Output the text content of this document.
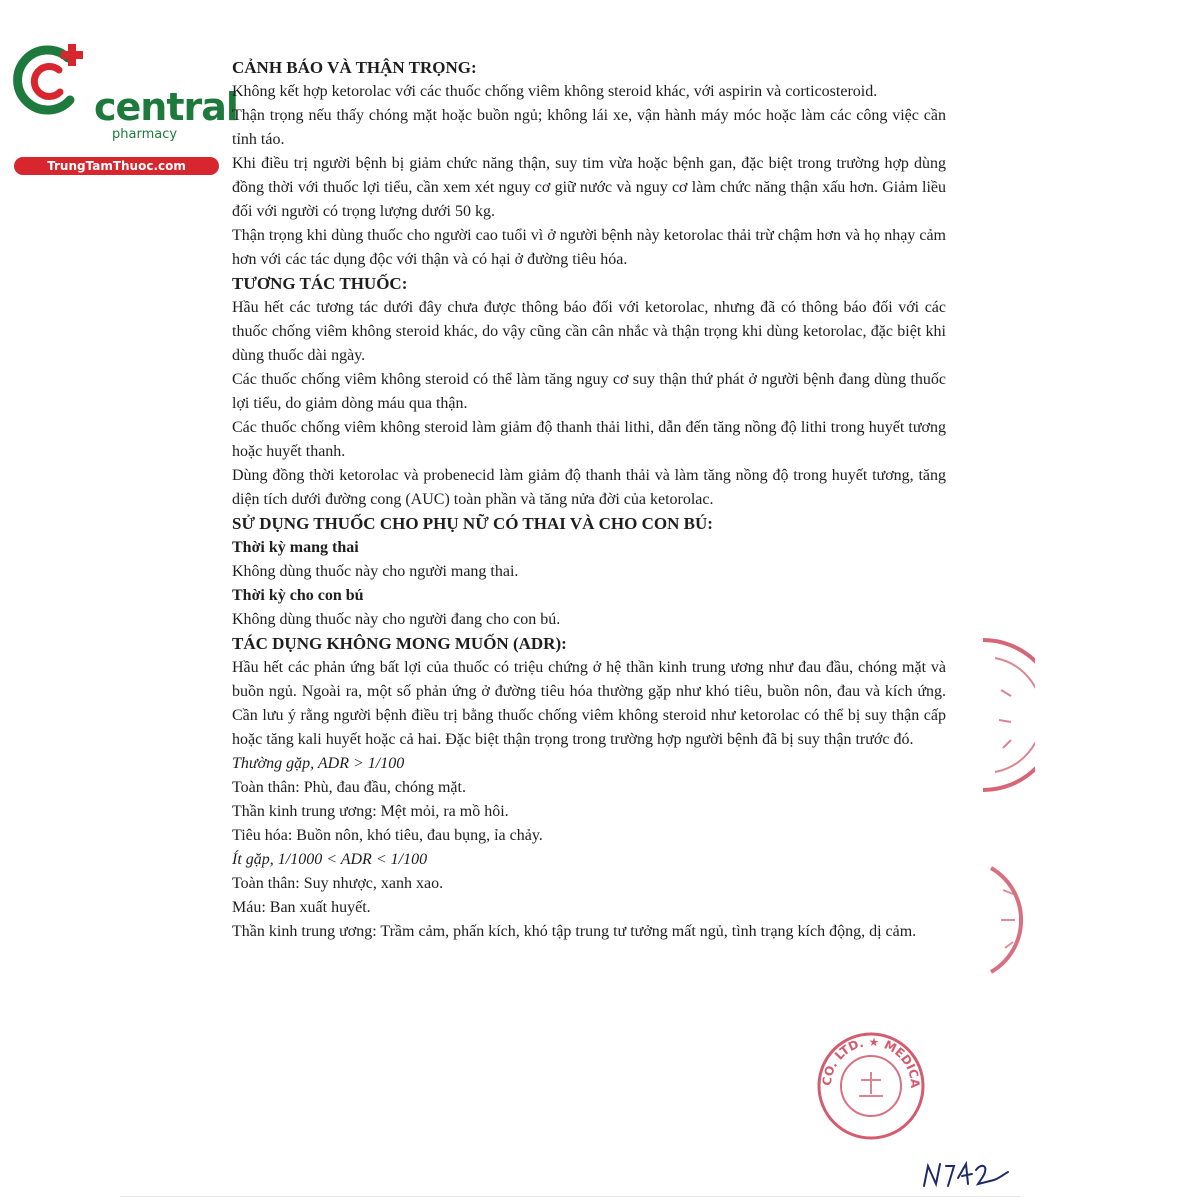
central
pharmacy
TrungTamThuoc.com
CẢNH BÁO VÀ THẬN TRỌNG:
Không kết hợp ketorolac với các thuốc chống viêm không steroid khác, với aspirin và corticosteroid.
Thận trọng nếu thấy chóng mặt hoặc buồn ngủ; không lái xe, vận hành máy móc hoặc làm các công việc cần tỉnh táo.
Khi điều trị người bệnh bị giảm chức năng thận, suy tim vừa hoặc bệnh gan, đặc biệt trong trường hợp dùng đồng thời với thuốc lợi tiểu, cần xem xét nguy cơ giữ nước và nguy cơ làm chức năng thận xấu hơn. Giảm liều đối với người có trọng lượng dưới 50 kg.
Thận trọng khi dùng thuốc cho người cao tuổi vì ở người bệnh này ketorolac thải trừ chậm hơn và họ nhạy cảm hơn với các tác dụng độc với thận và có hại ở đường tiêu hóa.
TƯƠNG TÁC THUỐC:
Hầu hết các tương tác dưới đây chưa được thông báo đối với ketorolac, nhưng đã có thông báo đối với các thuốc chống viêm không steroid khác, do vậy cũng cần cân nhắc và thận trọng khi dùng ketorolac, đặc biệt khi dùng thuốc dài ngày.
Các thuốc chống viêm không steroid có thể làm tăng nguy cơ suy thận thứ phát ở người bệnh đang dùng thuốc lợi tiểu, do giảm dòng máu qua thận.
Các thuốc chống viêm không steroid làm giảm độ thanh thải lithi, dẫn đến tăng nồng độ lithi trong huyết tương hoặc huyết thanh.
Dùng đồng thời ketorolac và probenecid làm giảm độ thanh thải và làm tăng nồng độ trong huyết tương, tăng diện tích dưới đường cong (AUC) toàn phần và tăng nửa đời của ketorolac.
SỬ DỤNG THUỐC CHO PHỤ NỮ CÓ THAI VÀ CHO CON BÚ:
Thời kỳ mang thai
Không dùng thuốc này cho người mang thai.
Thời kỳ cho con bú
Không dùng thuốc này cho người đang cho con bú.
TÁC DỤNG KHÔNG MONG MUỐN (ADR):
Hầu hết các phản ứng bất lợi của thuốc có triệu chứng ở hệ thần kinh trung ương như đau đầu, chóng mặt và buồn ngủ. Ngoài ra, một số phản ứng ở đường tiêu hóa thường gặp như khó tiêu, buồn nôn, đau và kích ứng. Cần lưu ý rằng người bệnh điều trị bằng thuốc chống viêm không steroid như ketorolac có thể bị suy thận cấp hoặc tăng kali huyết hoặc cả hai. Đặc biệt thận trọng trong trường hợp người bệnh đã bị suy thận trước đó.
Thường gặp, ADR > 1/100
Toàn thân: Phù, đau đầu, chóng mặt.
Thần kinh trung ương: Mệt mỏi, ra mồ hôi.
Tiêu hóa: Buồn nôn, khó tiêu, đau bụng, ỉa chảy.
Ít gặp, 1/1000 < ADR < 1/100
Toàn thân: Suy nhược, xanh xao.
Máu: Ban xuất huyết.
Thần kinh trung ương: Trầm cảm, phấn kích, khó tập trung tư tưởng mất ngủ, tình trạng kích động, dị cảm.
CO. LTD. ★ MEDICA
